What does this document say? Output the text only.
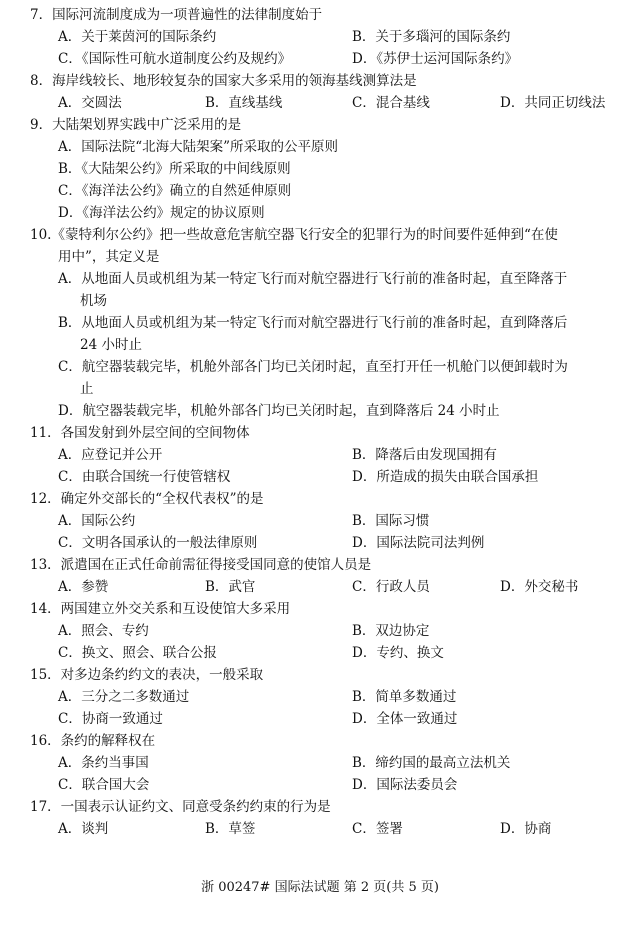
7．国际河流制度成为一项普遍性的法律制度始于
A．关于莱茵河的国际条约	B．关于多瑙河的国际条约
C．《国际性可航水道制度公约及规约》	D．《苏伊士运河国际条约》
8．海岸线较长、地形较复杂的国家大多采用的领海基线测算法是
A．交圆法	B．直线基线	C．混合基线	D．共同正切线法
9．大陆架划界实践中广泛采用的是
A．国际法院“北海大陆架案”所采取的公平原则
B．《大陆架公约》所采取的中间线原则
C．《海洋法公约》确立的自然延伸原则
D．《海洋法公约》规定的协议原则
10.《蒙特利尔公约》把一些故意危害航空器飞行安全的犯罪行为的时间要件延伸到“在使
用中”，其定义是
A．从地面人员或机组为某一特定飞行而对航空器进行飞行前的准备时起，直至降落于
机场
B．从地面人员或机组为某一特定飞行而对航空器进行飞行前的准备时起，直到降落后
24 小时止
C．航空器装载完毕，机舱外部各门均已关闭时起，直至打开任一机舱门以便卸载时为
止
D．航空器装载完毕，机舱外部各门均已关闭时起，直到降落后 24 小时止
11．各国发射到外层空间的空间物体
A．应登记并公开	B．降落后由发现国拥有
C．由联合国统一行使管辖权	D．所造成的损失由联合国承担
12．确定外交部长的“全权代表权”的是
A．国际公约	B．国际习惯
C．文明各国承认的一般法律原则	D．国际法院司法判例
13．派遣国在正式任命前需征得接受国同意的使馆人员是
A．参赞	B．武官	C．行政人员	D．外交秘书
14．两国建立外交关系和互设使馆大多采用
A．照会、专约	B．双边协定
C．换文、照会、联合公报	D．专约、换文
15．对多边条约约文的表决，一般采取
A．三分之二多数通过	B．简单多数通过
C．协商一致通过	D．全体一致通过
16．条约的解释权在
A．条约当事国	B．缔约国的最高立法机关
C．联合国大会	D．国际法委员会
17．一国表示认证约文、同意受条约约束的行为是
A．谈判	B．草签	C．签署	D．协商
浙 00247# 国际法试题 第 2 页(共 5 页)
